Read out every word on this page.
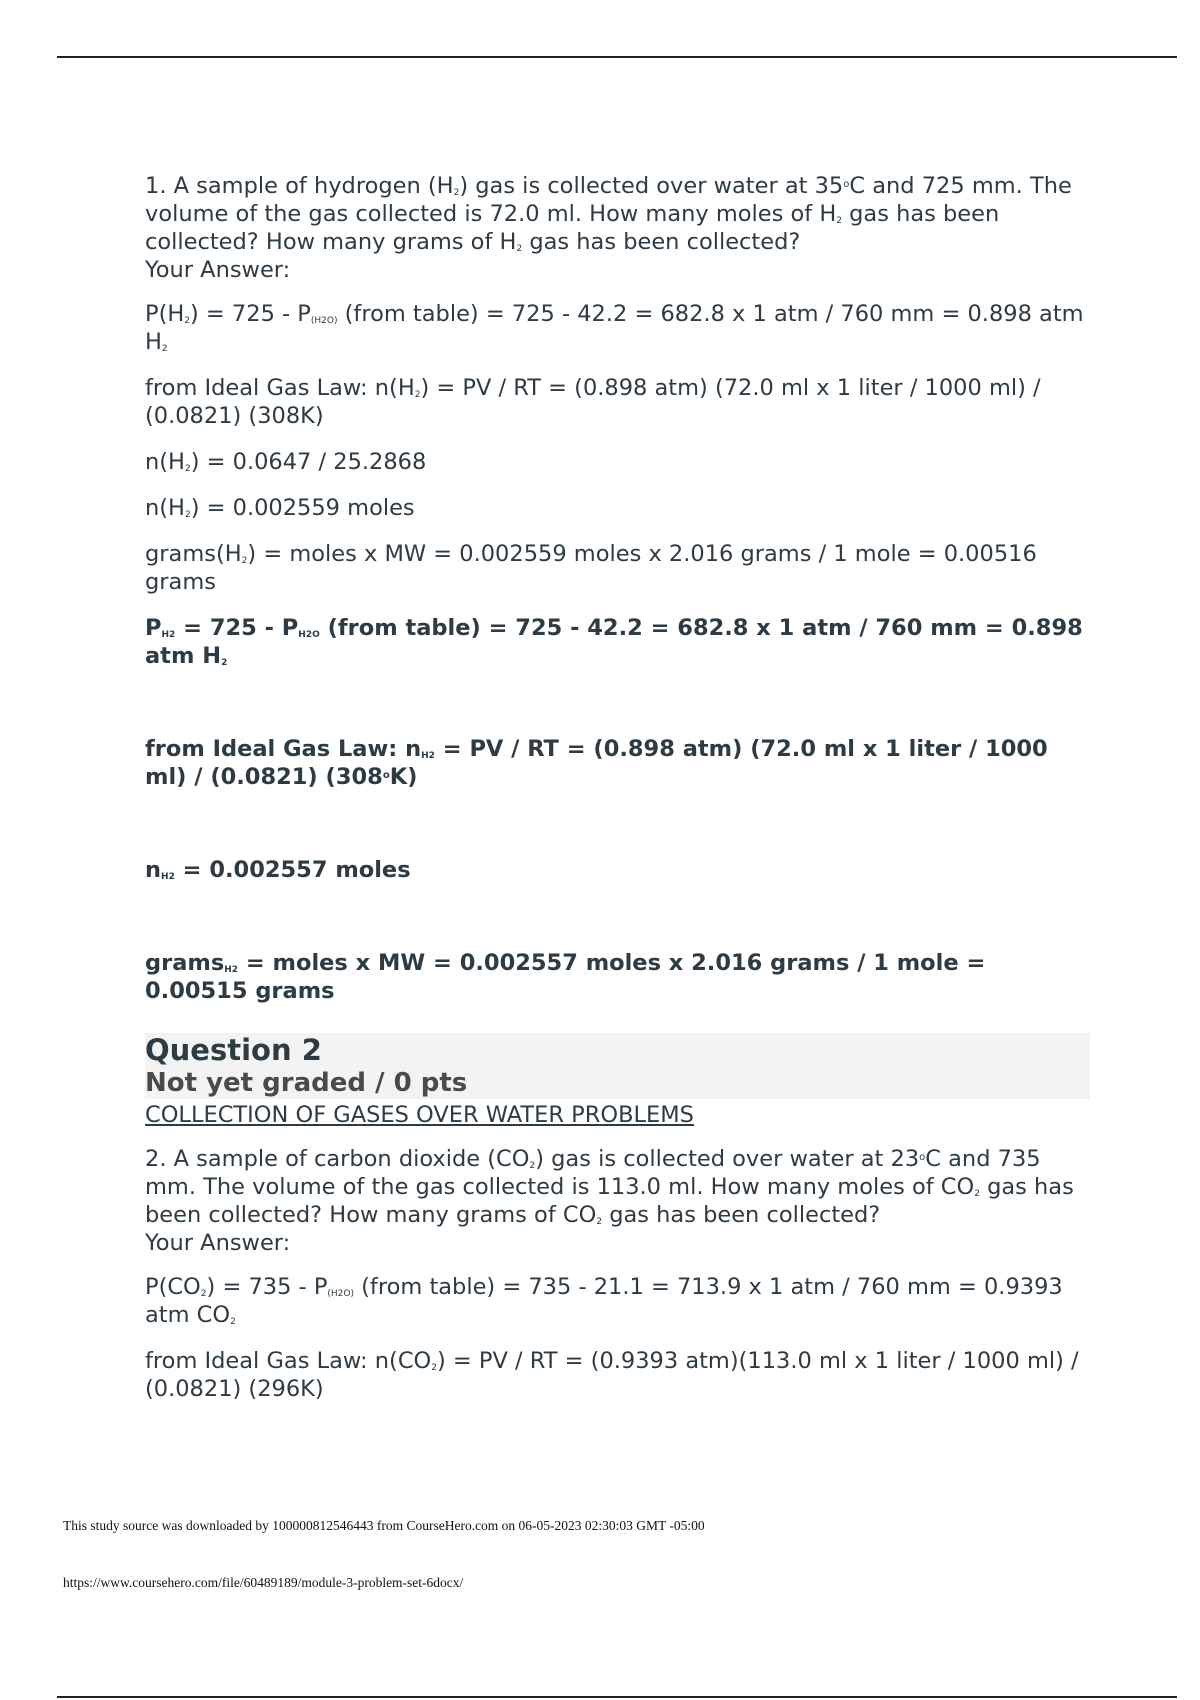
1. A sample of hydrogen $(H_2)$ gas is collected over water at 35$^o$C and 725 mm. The volume of the gas collected is 72.0 ml. How many moles of $H_2$ gas has been collected? How many grams of $H_2$ gas has been collected?

Your Answer:

$P(H_2) = 725 - P_{(H2O)}$ (from table) = 725 - 42.2 = 682.8 x 1 atm / 760 mm = 0.898 atm $H_2$

from Ideal Gas Law: $n(H_2)$ = PV / RT = (0.898 atm) (72.0 ml x 1 liter / 1000 ml) / (0.0821) (308K)

$n(H_2) = 0.0647 / 25.2868$

$n(H_2) = 0.002559$ moles

$grams(H_2)$ = moles x MW = 0.002559 moles x 2.016 grams / 1 mole = 0.00516 grams

$P_{H2} = 725 - P_{H2O}$ (from table) = 725 - 42.2 = 682.8 x 1 atm / 760 mm = 0.898 atm $H_2$

from Ideal Gas Law: $n_{H2}$ = PV / RT = (0.898 atm) (72.0 ml x 1 liter / 1000 ml) / (0.0821) (308$^o$K)

$n_{H2} = 0.002557$ moles

grams$_{H2}$ = moles x MW = 0.002557 moles x 2.016 grams / 1 mole = 0.00515 grams

Question 2
Not yet graded / 0 pts
COLLECTION OF GASES OVER WATER PROBLEMS

2. A sample of carbon dioxide $(CO_2)$ gas is collected over water at 23$^o$C and 735 mm. The volume of the gas collected is 113.0 ml. How many moles of $CO_2$ gas has been collected? How many grams of $CO_2$ gas has been collected?

Your Answer:

$P(CO_2) = 735 - P_{(H2O)}$ (from table) = 735 - 21.1 = 713.9 x 1 atm / 760 mm = 0.9393 atm $CO_2$

from Ideal Gas Law: $n(CO_2)$ = PV / RT = (0.9393 atm)(113.0 ml x 1 liter / 1000 ml) / (0.0821) (296K)

This study source was downloaded by 100000812546443 from CourseHero.com on 06-05-2023 02:30:03 GMT -05:00
https://www.coursehero.com/file/60489189/module-3-problem-set-6docx/
